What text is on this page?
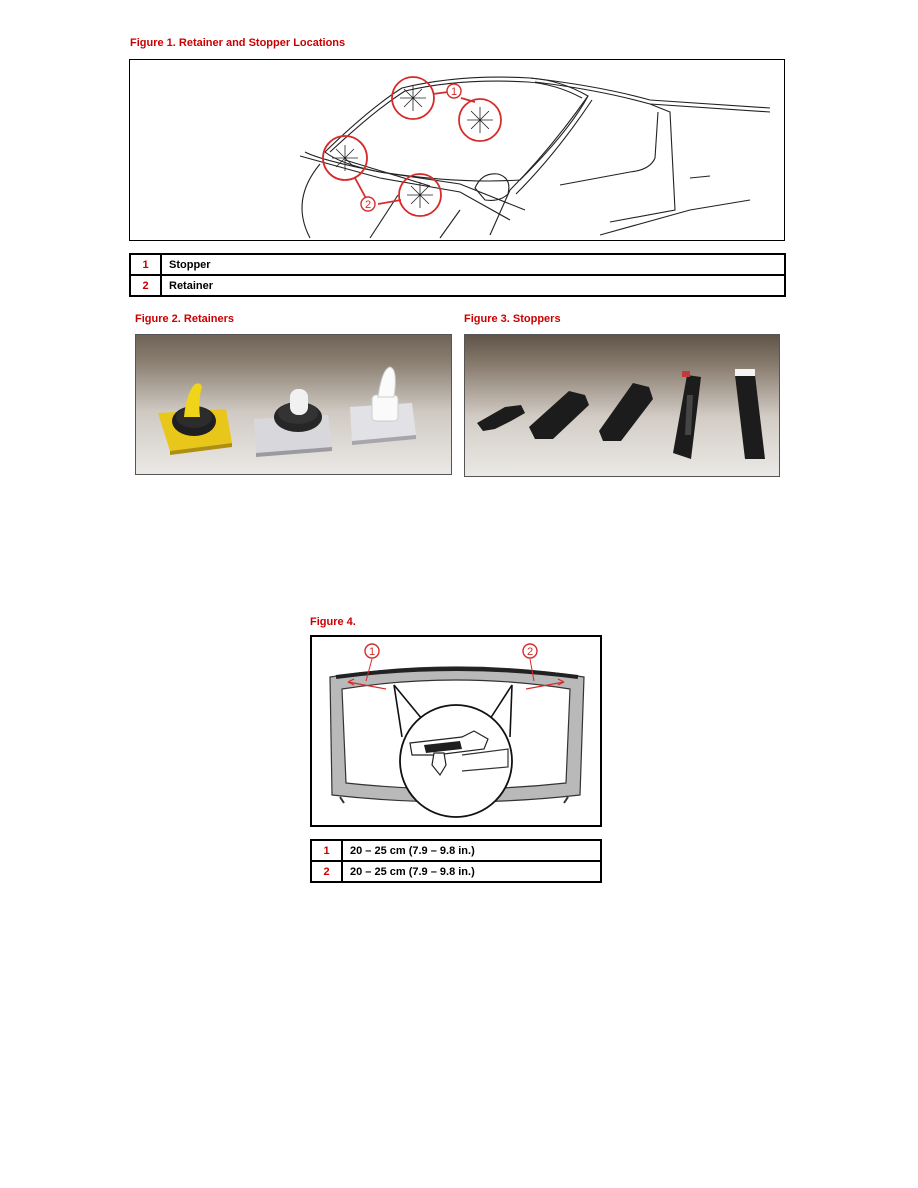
Figure 1. Retainer and Stopper Locations
1
2
1	Stopper
2	Retainer
Figure 2. Retainers	Figure 3. Stoppers
Figure 4.
1	2
1	20 – 25 cm (7.9 – 9.8 in.)
2	20 – 25 cm (7.9 – 9.8 in.)
